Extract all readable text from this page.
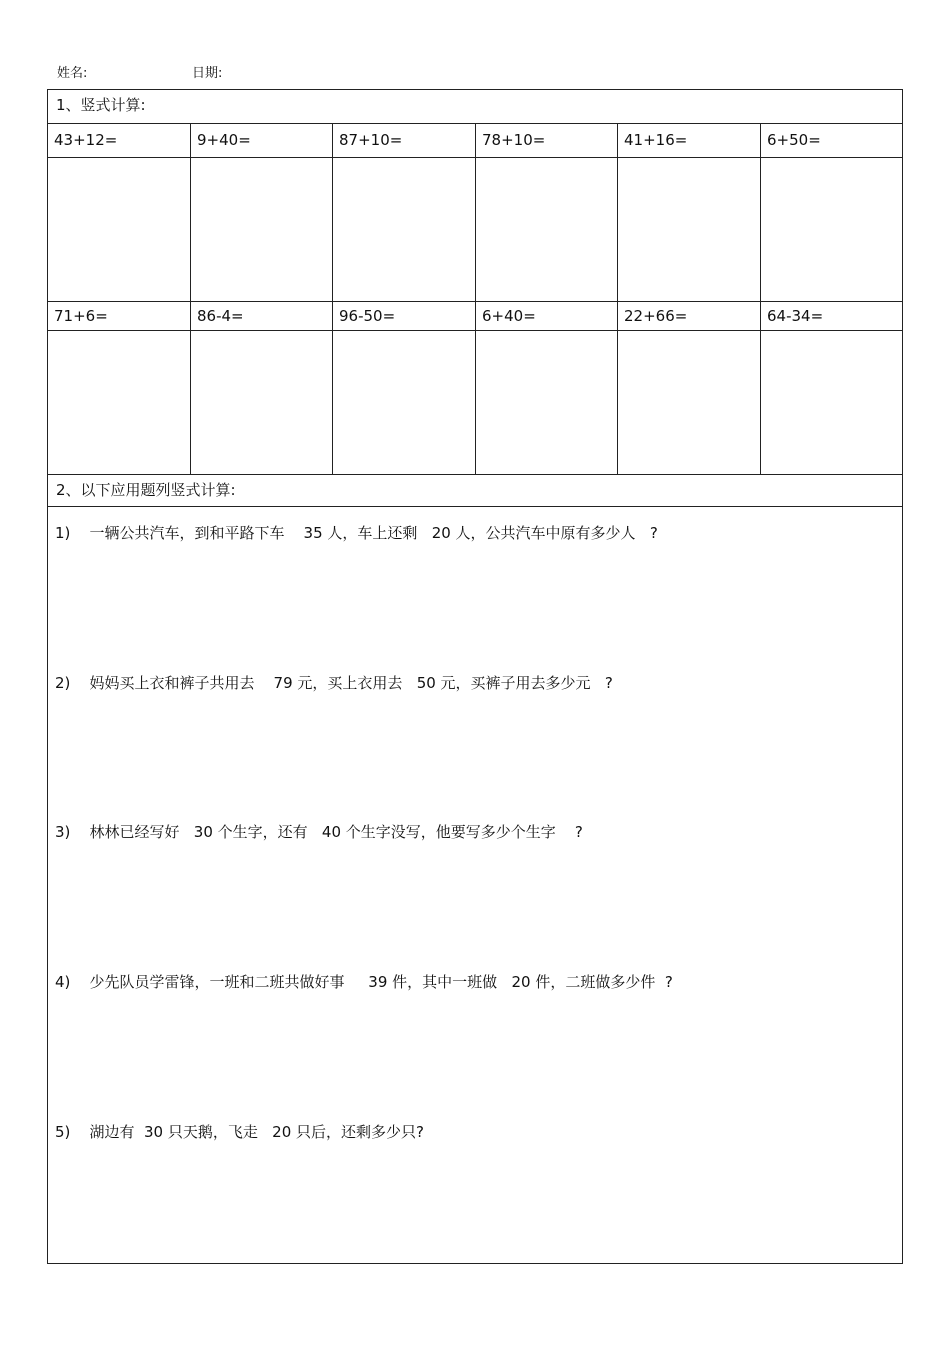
姓名:	日期:
1、竖式计算:
43+12=	9+40=	87+10=	78+10=	41+16=	6+50=
71+6=	86-4=	96-50=	6+40=	22+66=	64-34=
2、以下应用题列竖式计算:
1)    一辆公共汽车，到和平路下车    35 人，车上还剩   20 人，公共汽车中原有多少人   ?
2)    妈妈买上衣和裤子共用去    79 元，买上衣用去   50 元，买裤子用去多少元   ?
3)    林林已经写好   30 个生字，还有   40 个生字没写，他要写多少个生字    ?
4)    少先队员学雷锋，一班和二班共做好事     39 件，其中一班做   20 件，二班做多少件  ?
5)    湖边有  30 只天鹅，飞走   20 只后，还剩多少只?
